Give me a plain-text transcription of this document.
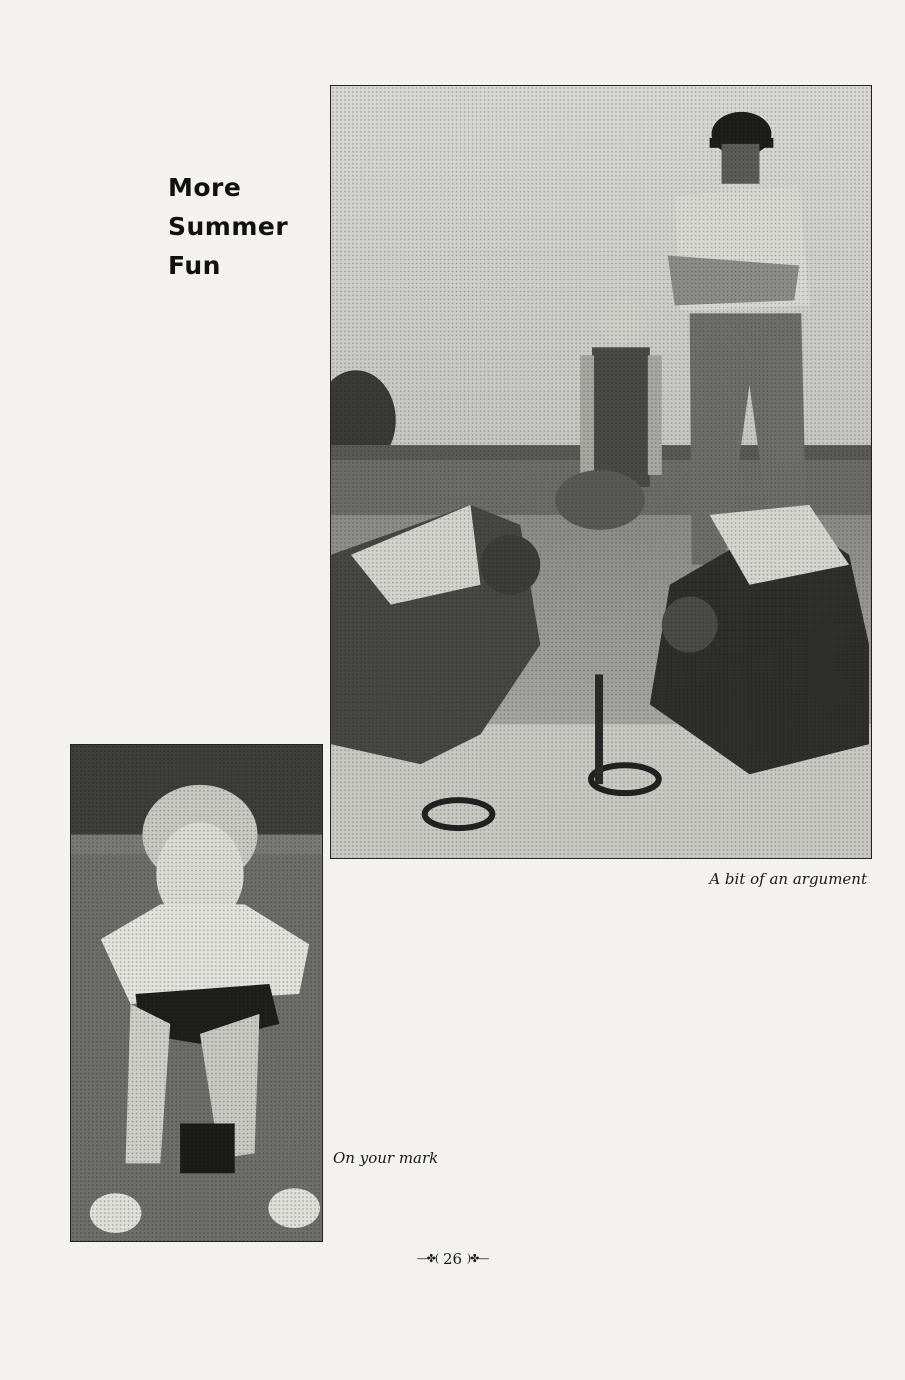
More
Summer
Fun
A bit of an argument
On your mark
—✤( 26 )✤—
